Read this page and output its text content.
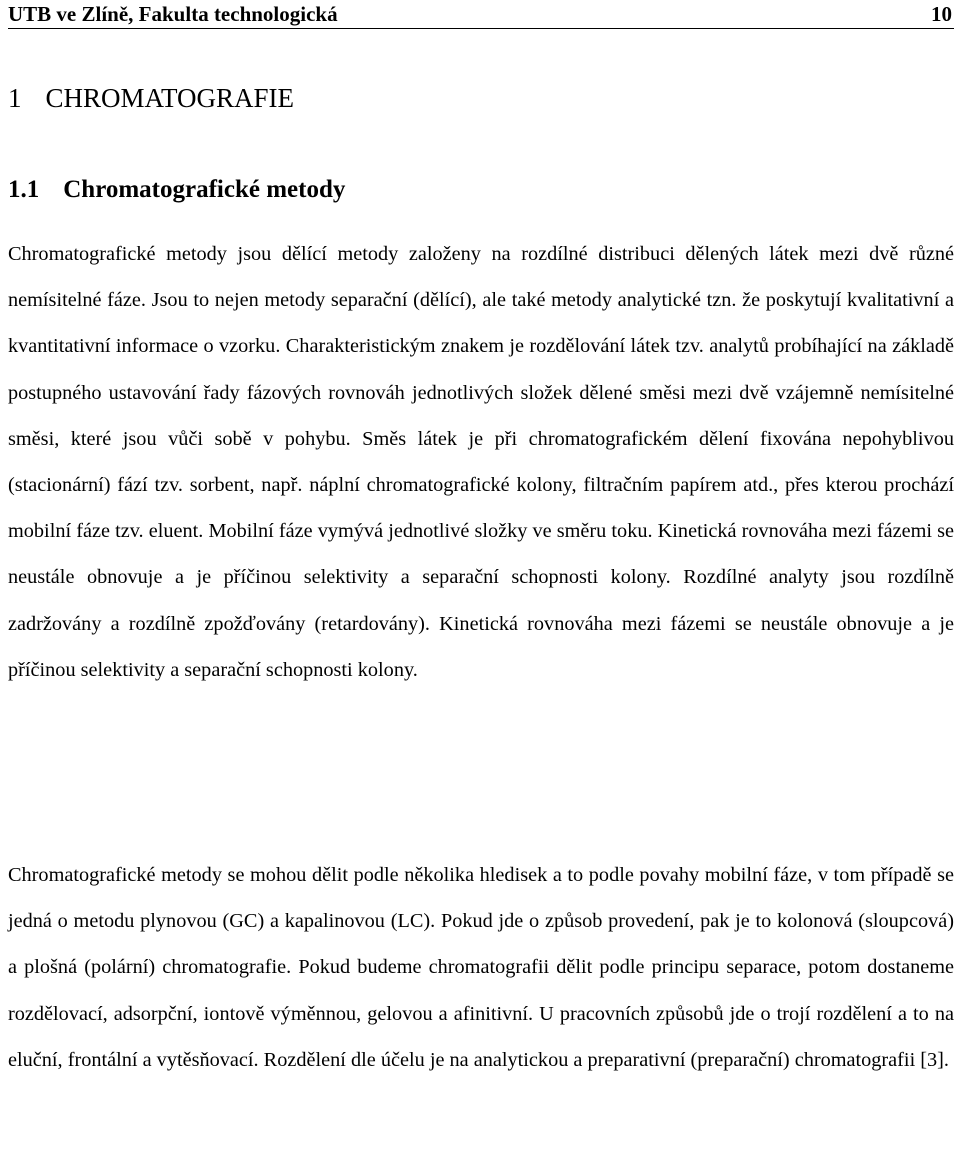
UTB ve Zlíně, Fakulta technologická	10
1 CHROMATOGRAFIE
1.1 Chromatografické metody

Chromatografické metody jsou dělící metody založeny na rozdílné distribuci dělených látek mezi dvě různé nemísitelné fáze. Jsou to nejen metody separační (dělící), ale také metody analytické tzn. že poskytují kvalitativní a kvantitativní informace o vzorku. Charakteristickým znakem je rozdělování látek tzv. analytů probíhající na základě postupného ustavování řady fázových rovnováh jednotlivých složek dělené směsi mezi dvě vzájemně nemísitelné směsi, které jsou vůči sobě v pohybu. Směs látek je při chromatografickém dělení fixována nepohyblivou (stacionární) fází tzv. sorbent, např. náplní chromatografické kolony, filtračním papírem atd., přes kterou prochází mobilní fáze tzv. eluent. Mobilní fáze vymývá jednotlivé složky ve směru toku. Kinetická rovnováha mezi fázemi se neustále obnovuje a je příčinou selektivity a separační schopnosti kolony. Rozdílné analyty jsou rozdílně zadržovány a rozdílně zpožďovány (retardovány). Kinetická rovnováha mezi fázemi se neustále obnovuje a je příčinou selektivity a separační schopnosti kolony.

Chromatografické metody se mohou dělit podle několika hledisek a to podle povahy mobilní fáze, v tom případě se jedná o metodu plynovou (GC) a kapalinovou (LC). Pokud jde o způsob provedení, pak je to kolonová (sloupcová) a plošná (polární) chromatografie. Pokud budeme chromatografii dělit podle principu separace, potom dostaneme rozdělovací, adsorpční, iontově výměnnou, gelovou a afinitivní. U pracovních způsobů jde o trojí rozdělení a to na eluční, frontální a vytěsňovací. Rozdělení dle účelu je na analytickou a preparativní (preparační) chromatografii [3].
